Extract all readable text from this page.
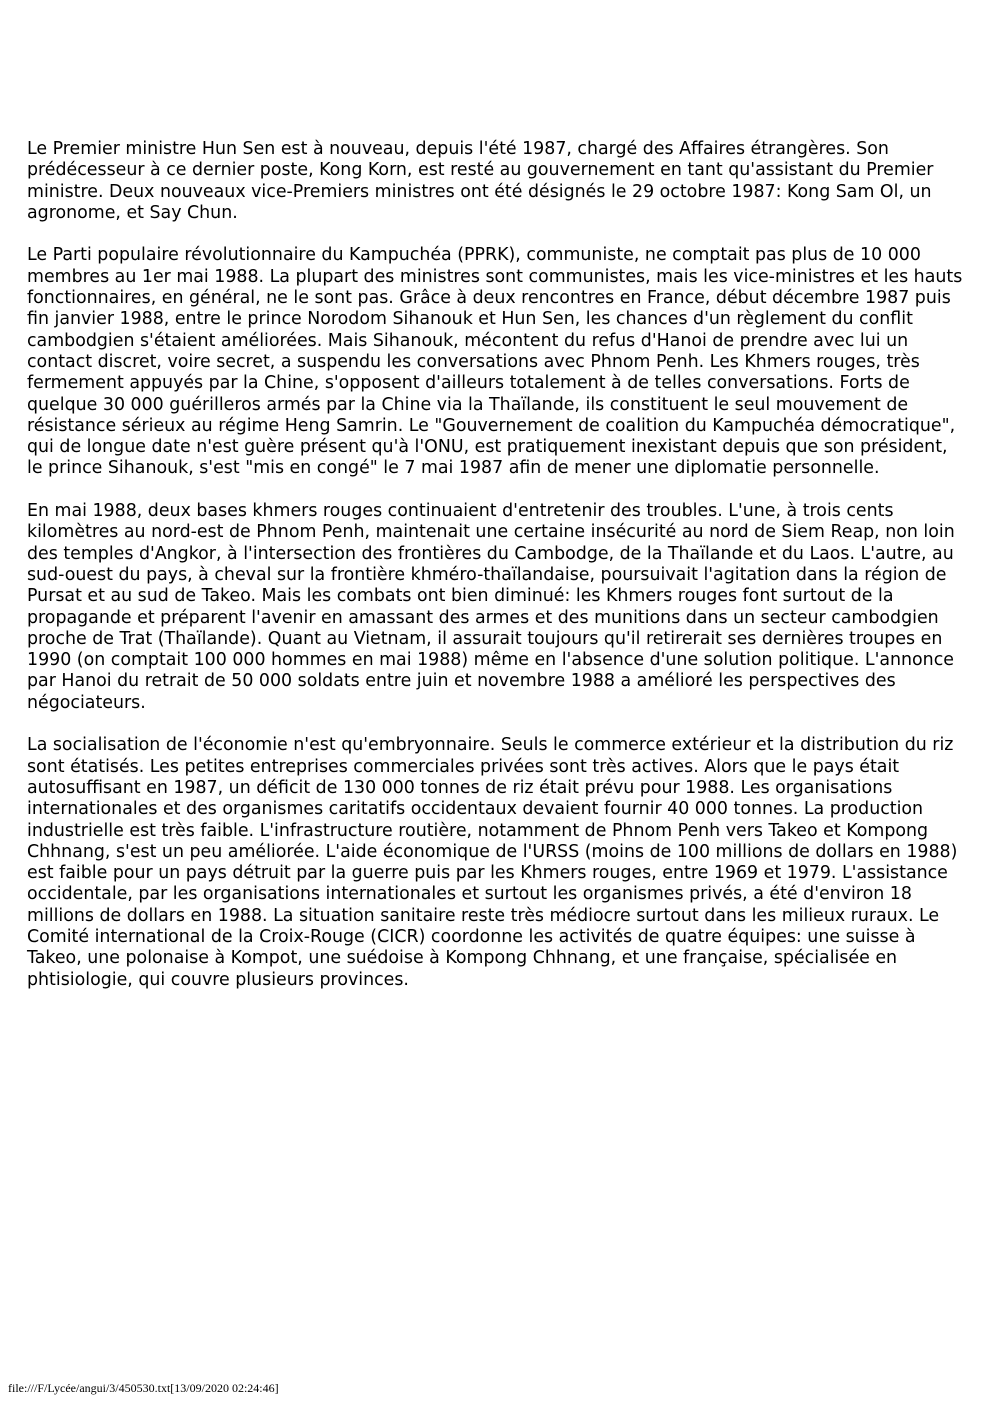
Le Premier ministre Hun Sen est à nouveau, depuis l'été 1987, chargé des Affaires étrangères. Son prédécesseur à ce dernier poste, Kong Korn, est resté au gouvernement en tant qu'assistant du Premier ministre. Deux nouveaux vice-Premiers ministres ont été désignés le 29 octobre 1987: Kong Sam Ol, un agronome, et Say Chun.

Le Parti populaire révolutionnaire du Kampuchéa (PPRK), communiste, ne comptait pas plus de 10 000 membres au 1er mai 1988. La plupart des ministres sont communistes, mais les vice-ministres et les hauts fonctionnaires, en général, ne le sont pas. Grâce à deux rencontres en France, début décembre 1987 puis fin janvier 1988, entre le prince Norodom Sihanouk et Hun Sen, les chances d'un règlement du conflit cambodgien s'étaient améliorées. Mais Sihanouk, mécontent du refus d'Hanoi de prendre avec lui un contact discret, voire secret, a suspendu les conversations avec Phnom Penh. Les Khmers rouges, très fermement appuyés par la Chine, s'opposent d'ailleurs totalement à de telles conversations. Forts de quelque 30 000 guérilleros armés par la Chine via la Thaïlande, ils constituent le seul mouvement de résistance sérieux au régime Heng Samrin. Le "Gouvernement de coalition du Kampuchéa démocratique", qui de longue date n'est guère présent qu'à l'ONU, est pratiquement inexistant depuis que son président, le prince Sihanouk, s'est "mis en congé" le 7 mai 1987 afin de mener une diplomatie personnelle.

En mai 1988, deux bases khmers rouges continuaient d'entretenir des troubles. L'une, à trois cents kilomètres au nord-est de Phnom Penh, maintenait une certaine insécurité au nord de Siem Reap, non loin des temples d'Angkor, à l'intersection des frontières du Cambodge, de la Thaïlande et du Laos. L'autre, au sud-ouest du pays, à cheval sur la frontière khméro-thaïlandaise, poursuivait l'agitation dans la région de Pursat et au sud de Takeo. Mais les combats ont bien diminué: les Khmers rouges font surtout de la propagande et préparent l'avenir en amassant des armes et des munitions dans un secteur cambodgien proche de Trat (Thaïlande). Quant au Vietnam, il assurait toujours qu'il retirerait ses dernières troupes en 1990 (on comptait 100 000 hommes en mai 1988) même en l'absence d'une solution politique. L'annonce par Hanoi du retrait de 50 000 soldats entre juin et novembre 1988 a amélioré les perspectives des négociateurs.

La socialisation de l'économie n'est qu'embryonnaire. Seuls le commerce extérieur et la distribution du riz sont étatisés. Les petites entreprises commerciales privées sont très actives. Alors que le pays était autosuffisant en 1987, un déficit de 130 000 tonnes de riz était prévu pour 1988. Les organisations internationales et des organismes caritatifs occidentaux devaient fournir 40 000 tonnes. La production industrielle est très faible. L'infrastructure routière, notamment de Phnom Penh vers Takeo et Kompong Chhnang, s'est un peu améliorée. L'aide économique de l'URSS (moins de 100 millions de dollars en 1988) est faible pour un pays détruit par la guerre puis par les Khmers rouges, entre 1969 et 1979. L'assistance occidentale, par les organisations internationales et surtout les organismes privés, a été d'environ 18 millions de dollars en 1988. La situation sanitaire reste très médiocre surtout dans les milieux ruraux. Le Comité international de la Croix-Rouge (CICR) coordonne les activités de quatre équipes: une suisse à Takeo, une polonaise à Kompot, une suédoise à Kompong Chhnang, et une française, spécialisée en phtisiologie, qui couvre plusieurs provinces.

file:///F/Lycée/angui/3/450530.txt[13/09/2020 02:24:46]
